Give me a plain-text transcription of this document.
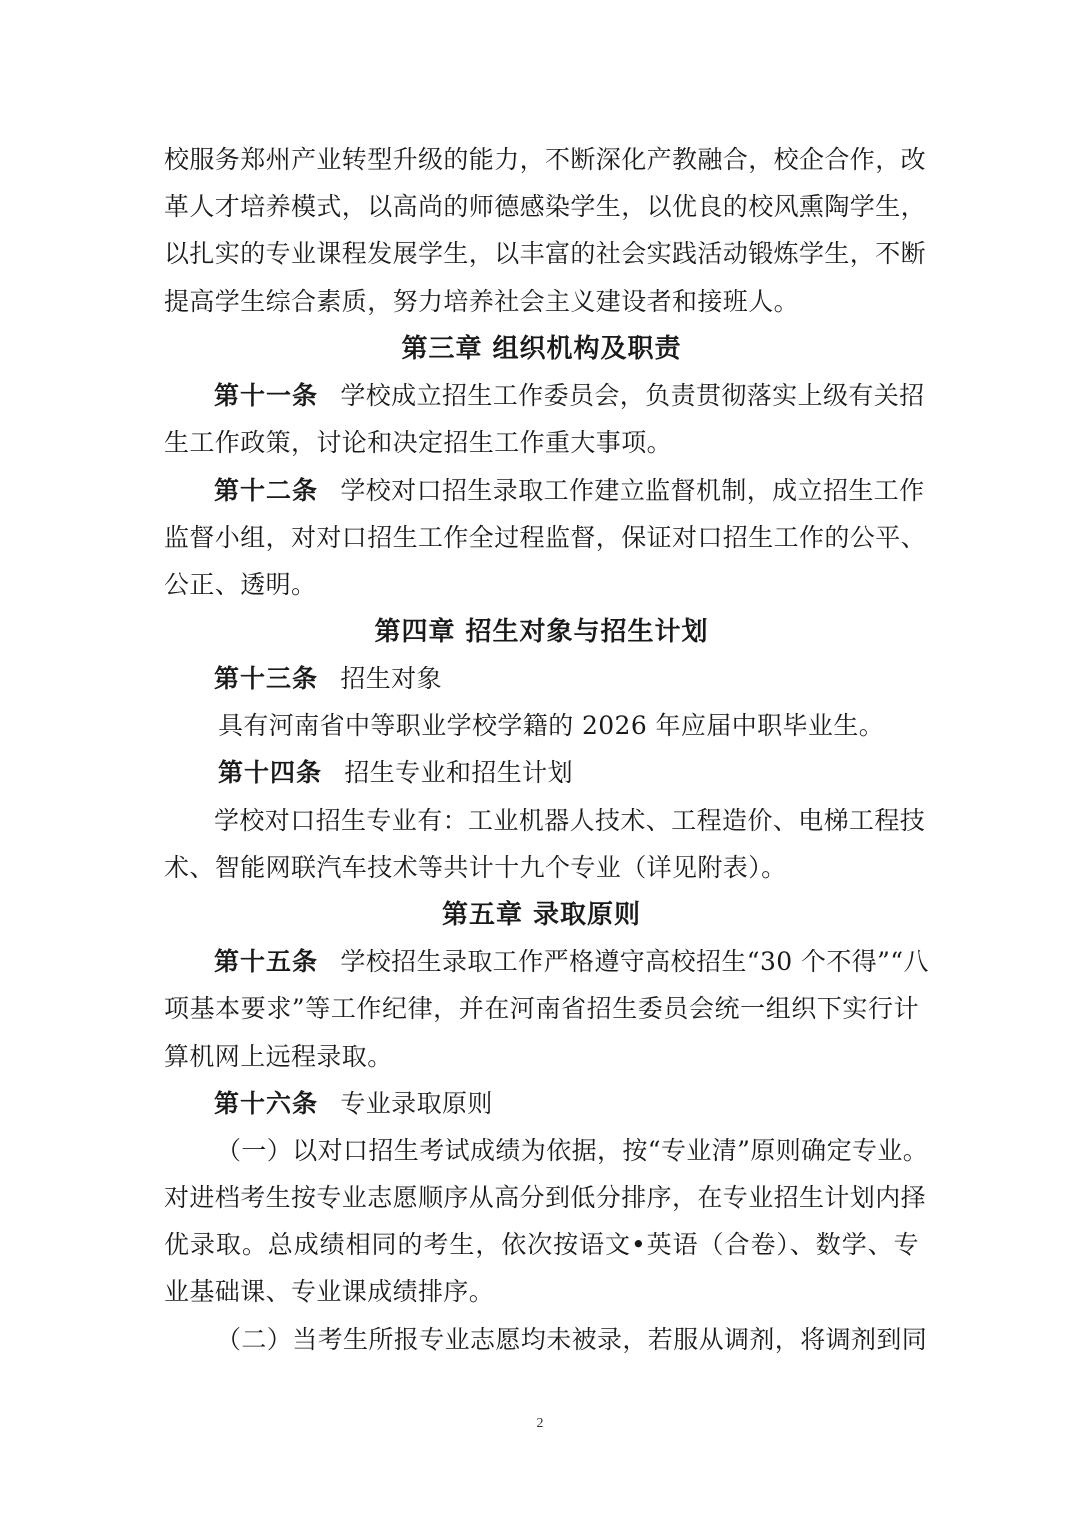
校服务郑州产业转型升级的能力，不断深化产教融合，校企合作，改
革人才培养模式，以高尚的师德感染学生，以优良的校风熏陶学生，
以扎实的专业课程发展学生，以丰富的社会实践活动锻炼学生，不断
提高学生综合素质，努力培养社会主义建设者和接班人。
第三章 组织机构及职责
第十一条 学校成立招生工作委员会，负责贯彻落实上级有关招
生工作政策，讨论和决定招生工作重大事项。
第十二条 学校对口招生录取工作建立监督机制，成立招生工作
监督小组，对对口招生工作全过程监督，保证对口招生工作的公平、
公正、透明。
第四章 招生对象与招生计划
第十三条 招生对象
具有河南省中等职业学校学籍的 2026 年应届中职毕业生。
第十四条 招生专业和招生计划
学校对口招生专业有：工业机器人技术、工程造价、电梯工程技
术、智能网联汽车技术等共计十九个专业（详见附表）。
第五章 录取原则
第十五条 学校招生录取工作严格遵守高校招生“30 个不得”“八
项基本要求”等工作纪律，并在河南省招生委员会统一组织下实行计
算机网上远程录取。
第十六条 专业录取原则
（一）以对口招生考试成绩为依据，按“专业清”原则确定专业。
对进档考生按专业志愿顺序从高分到低分排序，在专业招生计划内择
优录取。总成绩相同的考生，依次按语文•英语（合卷）、数学、专
业基础课、专业课成绩排序。
（二）当考生所报专业志愿均未被录，若服从调剂，将调剂到同
2
